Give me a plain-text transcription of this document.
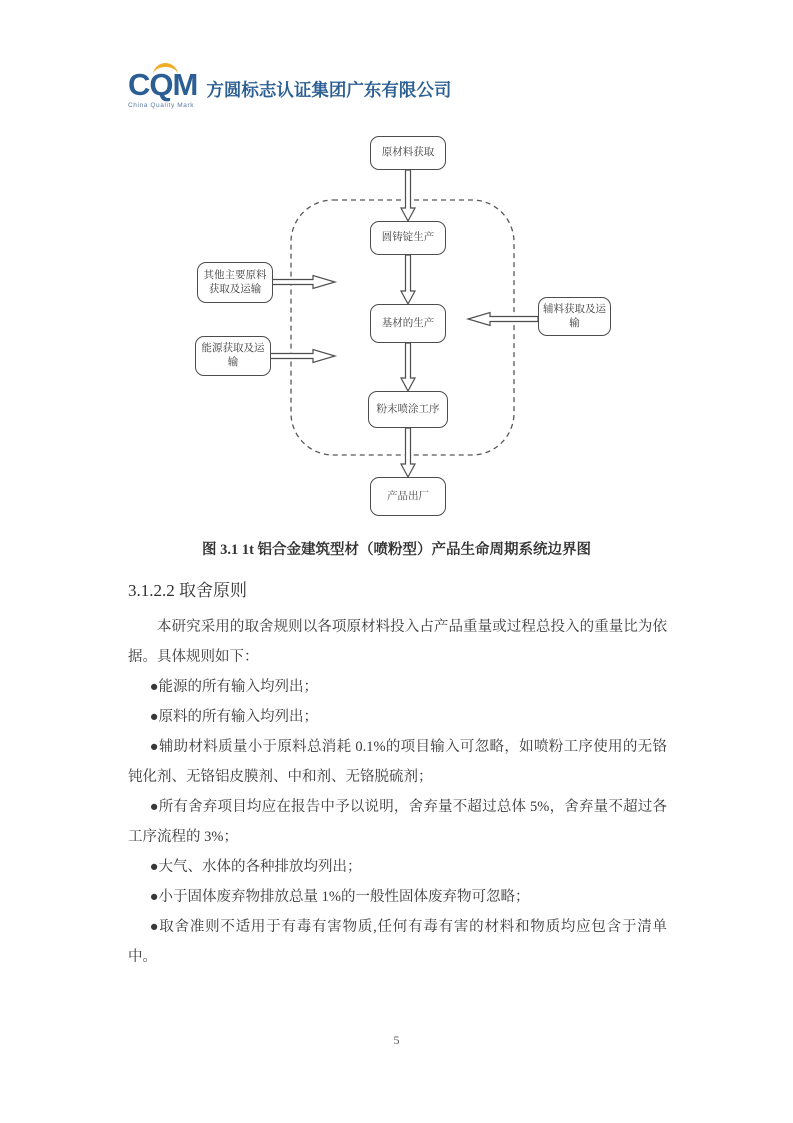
CQM
China Quality Mark
方圆标志认证集团广东有限公司
原材料获取
圆铸锭生产
基材的生产
粉末喷涂工序
产品出厂
其他主要原料获取及运输
能源获取及运输
辅料获取及运输
图 3.1 1t 铝合金建筑型材（喷粉型）产品生命周期系统边界图
3.1.2.2 取舍原则

本研究采用的取舍规则以各项原材料投入占产品重量或过程总投入的重量比为依据。具体规则如下：

●能源的所有输入均列出；

●原料的所有输入均列出；

●辅助材料质量小于原料总消耗 0.1%的项目输入可忽略，如喷粉工序使用的无铬钝化剂、无铬铝皮膜剂、中和剂、无铬脱硫剂；

●所有舍弃项目均应在报告中予以说明，舍弃量不超过总体 5%，舍弃量不超过各工序流程的 3%；

●大气、水体的各种排放均列出；

●小于固体废弃物排放总量 1%的一般性固体废弃物可忽略；

●取舍准则不适用于有毒有害物质,任何有毒有害的材料和物质均应包含于清单中。

5
